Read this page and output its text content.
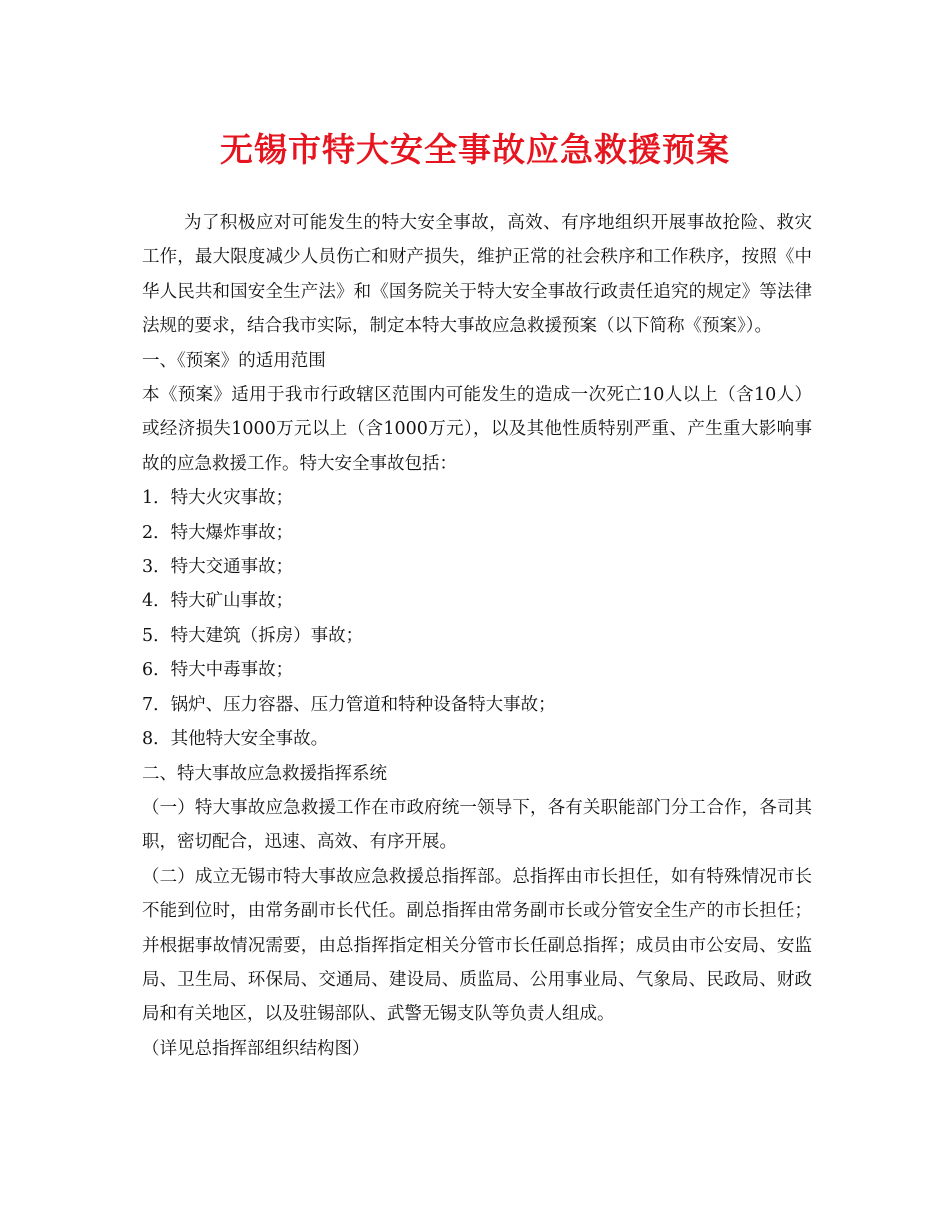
无锡市特大安全事故应急救援预案

为了积极应对可能发生的特大安全事故，高效、有序地组织开展事故抢险、救灾工作，最大限度减少人员伤亡和财产损失，维护正常的社会秩序和工作秩序，按照《中华人民共和国安全生产法》和《国务院关于特大安全事故行政责任追究的规定》等法律法规的要求，结合我市实际，制定本特大事故应急救援预案（以下简称《预案》）。

一、《预案》的适用范围

本《预案》适用于我市行政辖区范围内可能发生的造成一次死亡10人以上（含10人）或经济损失1000万元以上（含1000万元），以及其他性质特别严重、产生重大影响事故的应急救援工作。特大安全事故包括：

1．特大火灾事故；

2．特大爆炸事故；

3．特大交通事故；

4．特大矿山事故；

5．特大建筑（拆房）事故；

6．特大中毒事故；

7．锅炉、压力容器、压力管道和特种设备特大事故；

8．其他特大安全事故。

二、特大事故应急救援指挥系统

（一）特大事故应急救援工作在市政府统一领导下，各有关职能部门分工合作，各司其职，密切配合，迅速、高效、有序开展。

（二）成立无锡市特大事故应急救援总指挥部。总指挥由市长担任，如有特殊情况市长不能到位时，由常务副市长代任。副总指挥由常务副市长或分管安全生产的市长担任；并根据事故情况需要，由总指挥指定相关分管市长任副总指挥；成员由市公安局、安监局、卫生局、环保局、交通局、建设局、质监局、公用事业局、气象局、民政局、财政局和有关地区，以及驻锡部队、武警无锡支队等负责人组成。

（详见总指挥部组织结构图）
